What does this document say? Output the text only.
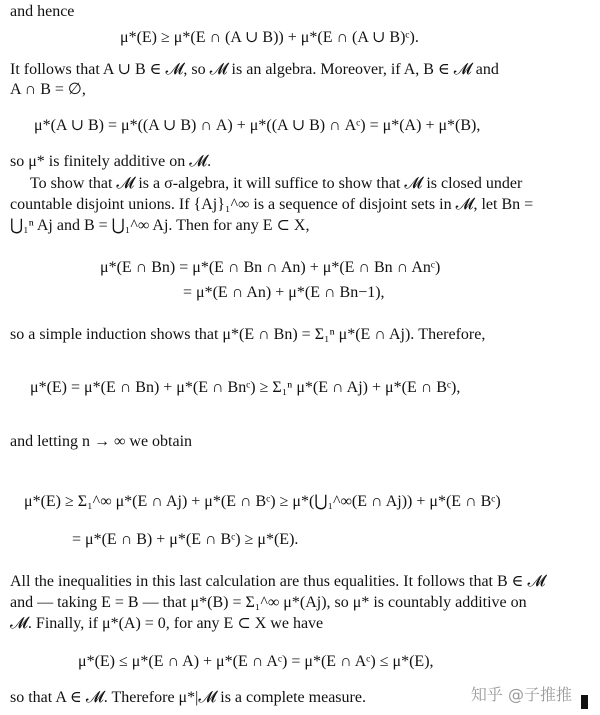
and hence
μ*(E) ≥ μ*(E ∩ (A ∪ B)) + μ*(E ∩ (A ∪ B)ᶜ).
It follows that A ∪ B ∈ 𝓜, so 𝓜 is an algebra. Moreover, if A, B ∈ 𝓜 and
A ∩ B = ∅,
μ*(A ∪ B) = μ*((A ∪ B) ∩ A) + μ*((A ∪ B) ∩ Aᶜ) = μ*(A) + μ*(B),
so μ* is finitely additive on 𝓜.
To show that 𝓜 is a σ-algebra, it will suffice to show that 𝓜 is closed under
countable disjoint unions. If {Aj}₁^∞ is a sequence of disjoint sets in 𝓜, let Bn =
⋃₁ⁿ Aj and B = ⋃₁^∞ Aj. Then for any E ⊂ X,
μ*(E ∩ Bn) = μ*(E ∩ Bn ∩ An) + μ*(E ∩ Bn ∩ Anᶜ)
= μ*(E ∩ An) + μ*(E ∩ Bn−1),
so a simple induction shows that μ*(E ∩ Bn) = Σ₁ⁿ μ*(E ∩ Aj). Therefore,
μ*(E) = μ*(E ∩ Bn) + μ*(E ∩ Bnᶜ) ≥ Σ₁ⁿ μ*(E ∩ Aj) + μ*(E ∩ Bᶜ),
and letting n → ∞ we obtain
μ*(E) ≥ Σ₁^∞ μ*(E ∩ Aj) + μ*(E ∩ Bᶜ) ≥ μ*(⋃₁^∞(E ∩ Aj)) + μ*(E ∩ Bᶜ)
= μ*(E ∩ B) + μ*(E ∩ Bᶜ) ≥ μ*(E).
All the inequalities in this last calculation are thus equalities. It follows that B ∈ 𝓜
and — taking E = B — that μ*(B) = Σ₁^∞ μ*(Aj), so μ* is countably additive on
𝓜. Finally, if μ*(A) = 0, for any E ⊂ X we have
μ*(E) ≤ μ*(E ∩ A) + μ*(E ∩ Aᶜ) = μ*(E ∩ Aᶜ) ≤ μ*(E),
so that A ∈ 𝓜. Therefore μ*|𝓜 is a complete measure.	知乎 @子推推
